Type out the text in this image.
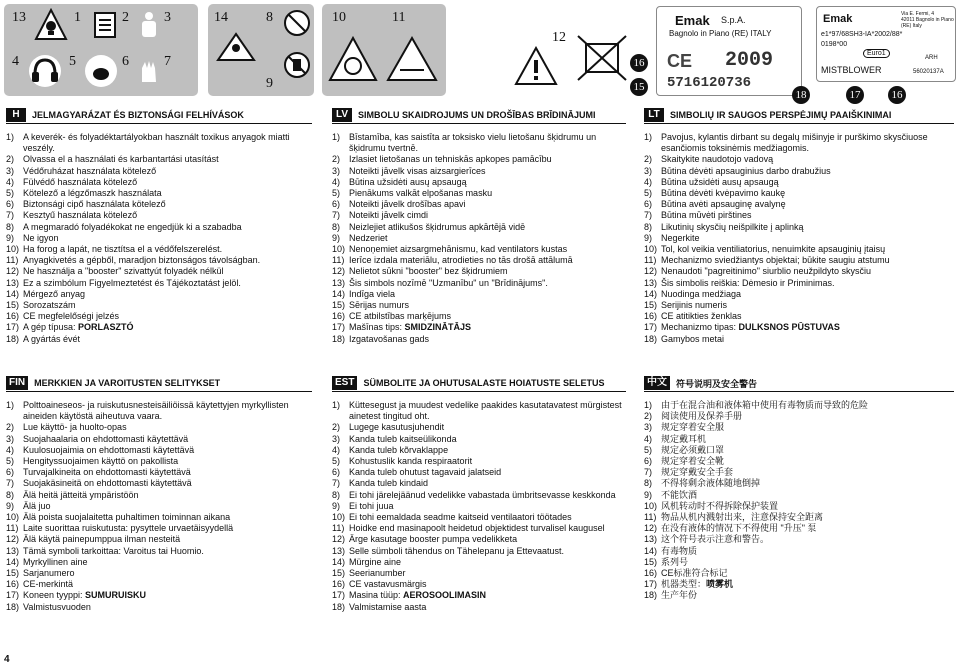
13	1	2	3
4	5	6	7
14	8
9
10	11
12
16
15
Emak S.p.A.
Bagnolo in Piano (RE) ITALY
CE 2009
5716120736
Emak	Via E. Fermi, 4
42011 Bagnolo in Piano (RE) Italy
e1*97/68SH3-IA*2002/88*
0198*00
Euro1
MISTBLOWER
ARH
56020137A
18	17	16
H	JELMAGYARÁZAT ÉS BIZTONSÁGI FELHÍVÁSOK
1) A keverék- és folyadéktartályokban használt toxikus anyagok miatti veszély.
2) Olvassa el a használati és karbantartási utasítást
3) Védőruházat használata kötelező
4) Fülvédő használata kötelező
5) Kötelező a légzőmaszk használata
6) Biztonsági cipő használata kötelező
7) Kesztyű használata kötelező
8) A megmaradó folyadékokat ne engedjük ki a szabadba
9) Ne igyon
10) Ha forog a lapát, ne tisztítsa el a védőfelszerelést.
11) Anyagkivetés a gépből, maradjon biztonságos távolságban.
12) Ne használja a "booster" szivattyút folyadék nélkül
13) Ez a szimbólum Figyelmeztetést és Tájékoztatást jelöl.
14) Mérgező anyag
15) Sorozatszám
16) CE megfelelőségi jelzés
17) A gép típusa: PORLASZTÓ
18) A gyártás évét
LV	SIMBOLU SKAIDROJUMS UN DROŠĪBAS BRĪDINĀJUMI
1) Bīstamība, kas saistīta ar toksisko vielu lietošanu šķidrumu un šķidrumu tvertnē.
2) Izlasiet lietošanas un tehniskās apkopes pamācību
3) Noteikti jāvelk visas aizsargierīces
4) Būtina užsidėti ausų apsaugą
5) Pienākums valkāt elpošanas masku
6) Noteikti jāvelk drošības apavi
7) Noteikti jāvelk cimdi
8) Neizlejiet atlikušos šķidrumus apkārtējā vidē
9) Nedzeriet
10) Nenoņemiet aizsargmehānismu, kad ventilators kustas
11) Ierīce izdala materiālu, atrodieties no tās drošā attālumā
12) Nelietot sūkni "booster" bez šķidrumiem
13) Šis simbols nozīmē "Uzmanību" un "Brīdinājums".
14) Indīga viela
15) Sērijas numurs
16) CE atbilstības marķējums
17) Mašīnas tips: SMIDZINĀTĀJS
18) Izgatavošanas gads
LT	SIMBOLIŲ IR SAUGOS PERSPĖJIMŲ PAAIŠKINIMAI
1) Pavojus, kylantis dirbant su degalų mišinyje ir purškimo skysčiuose esančiomis toksinėmis medžiagomis.
2) Skaitykite naudotojo vadovą
3) Būtina dėvėti apsauginius darbo drabužius
4) Būtina užsidėti ausų apsaugą
5) Būtina dėvėti kvėpavimo kaukę
6) Būtina avėti apsauginę avalynę
7) Būtina mūvėti pirštines
8) Likutinių skysčių neišpilkite į aplinką
9) Negerkite
10) Tol, kol veikia ventiliatorius, nenuimkite apsauginių įtaisų
11) Mechanizmo sviedžiantys objektai; būkite saugiu atstumu
12) Nenaudoti "pagreitinimo" siurblio neužpildyto skysčiu
13) Šis simbolis reiškia: Dėmesio ir Priminimas.
14) Nuodinga medžiaga
15) Serijinis numeris
16) CE atitikties ženklas
17) Mechanizmo tipas: DULKSNOS PŪSTUVAS
18) Gamybos metai
FIN	MERKKIEN JA VAROITUSTEN SELITYKSET
1) Polttoaineseos- ja ruiskutusnesteisäiliöissä käytettyjen myrkyllisten aineiden käytöstä aiheutuva vaara.
2) Lue käyttö- ja huolto-opas
3) Suojahaalaria on ehdottomasti käytettävä
4) Kuulosuojaimia on ehdottomasti käytettävä
5) Hengityssuojaimen käyttö on pakollista
6) Turvajalkineita on ehdottomasti käytettävä
7) Suojakäsineitä on ehdottomasti käytettävä
8) Älä heitä jätteitä ympäristöön
9) Älä juo
10) Älä poista suojalaitetta puhaltimen toiminnan aikana
11) Laite suorittaa ruiskutusta: pysyttele urvaetäisyydellä
12) Älä käytä painepumppua ilman nesteitä
13) Tämä symboli tarkoittaa: Varoitus tai Huomio.
14) Myrkyllinen aine
15) Sarjanumero
16) CE-merkintä
17) Koneen tyyppi: SUMURUISKU
18) Valmistusvuoden
EST	SÜMBOLITE JA OHUTUSALASTE HOIATUSTE SELETUS
1) Küttesegust ja muudest vedelike paakides kasutatavatest mürgistest ainetest tingitud oht.
2) Lugege kasutusjuhendit
3) Kanda tuleb kaitseülikonda
4) Kanda tuleb kõrvaklappe
5) Kohustuslik kanda respiraatorit
6) Kanda tuleb ohutust tagavaid jalatseid
7) Kanda tuleb kindaid
8) Ei tohi järelejäänud vedelikke vabastada ümbritsevasse keskkonda
9) Ei tohi juua
10) Ei tohi eemaldada seadme kaitseid ventilaatori töötades
11) Hoidke end masinapoolt heidetud objektidest turvalisel kaugusel
12) Ärge kasutage booster pumpa vedelikketa
13) Selle sümboli tähendus on Tähelepanu ja Ettevaatust.
14) Mürgine aine
15) Seerianumber
16) CE vastavusmärgis
17) Masina tüüp: AEROSOOLIMASIN
18) Valmistamise aasta
中文	符号说明及安全警告
1) 由于在混合油和液体箱中使用有毒物质而导致的危险
2) 阅读使用及保养手册
3) 规定穿着安全服
4) 规定戴耳机
5) 规定必须戴口罩
6) 规定穿着安全靴
7) 规定穿戴安全手套
8) 不得将剩余液体随地倒掉
9) 不能饮酒
10) 风机转动时不得拆除保护装置
11) 物品从机内溅射出来，注意保持安全距离
12) 在没有液体的情况下不得使用 "升压" 泵
13) 这个符号表示注意和警告。
14) 有毒物质
15) 系列号
16) CE标准符合标记
17) 机器类型：喷雾机
18) 生产年份
4
